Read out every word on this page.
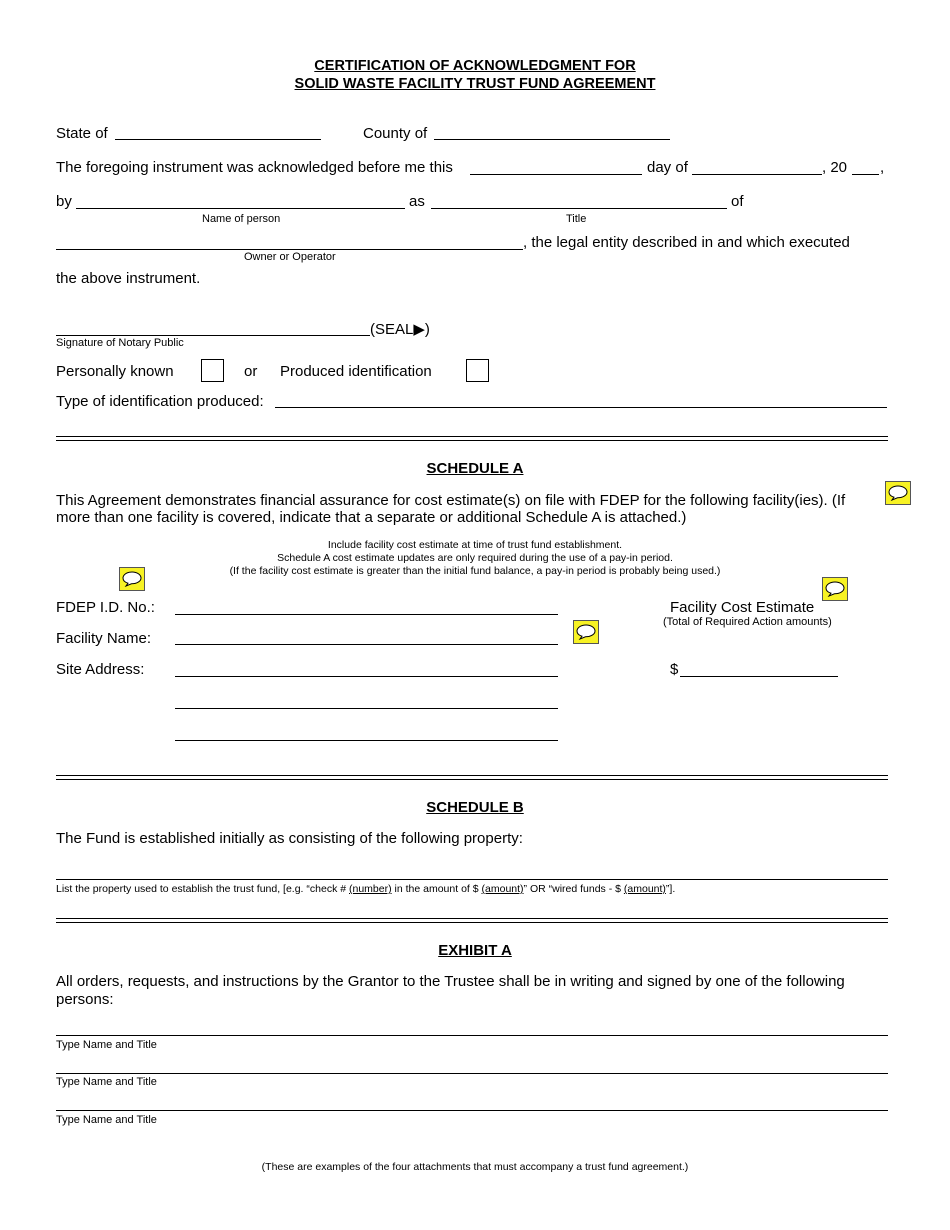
CERTIFICATION OF ACKNOWLEDGMENT FOR
SOLID WASTE FACILITY TRUST FUND AGREEMENT
State of	County of
The foregoing instrument was acknowledged before me this	day of	, 20 ,
by	as	of
Name of person	Title
, the legal entity described in and which executed
Owner or Operator
the above instrument.
(SEAL▶)
Signature of Notary Public
Personally known	or Produced identification
Type of identification produced:
SCHEDULE A
This Agreement demonstrates financial assurance for cost estimate(s) on file with FDEP for the following facility(ies). (If
more than one facility is covered, indicate that a separate or additional Schedule A is attached.)
Include facility cost estimate at time of trust fund establishment.
Schedule A cost estimate updates are only required during the use of a pay-in period.
(If the facility cost estimate is greater than the initial fund balance, a pay-in period is probably being used.)
FDEP I.D. No.:	Facility Cost Estimate
(Total of Required Action amounts)
Facility Name:
Site Address:	$
SCHEDULE B
The Fund is established initially as consisting of the following property:
List the property used to establish the trust fund, [e.g. “check # (number) in the amount of $ (amount)” OR “wired funds - $ (amount)”].
EXHIBIT A
All orders, requests, and instructions by the Grantor to the Trustee shall be in writing and signed by one of the following
persons:
Type Name and Title
Type Name and Title
Type Name and Title
(These are examples of the four attachments that must accompany a trust fund agreement.)
